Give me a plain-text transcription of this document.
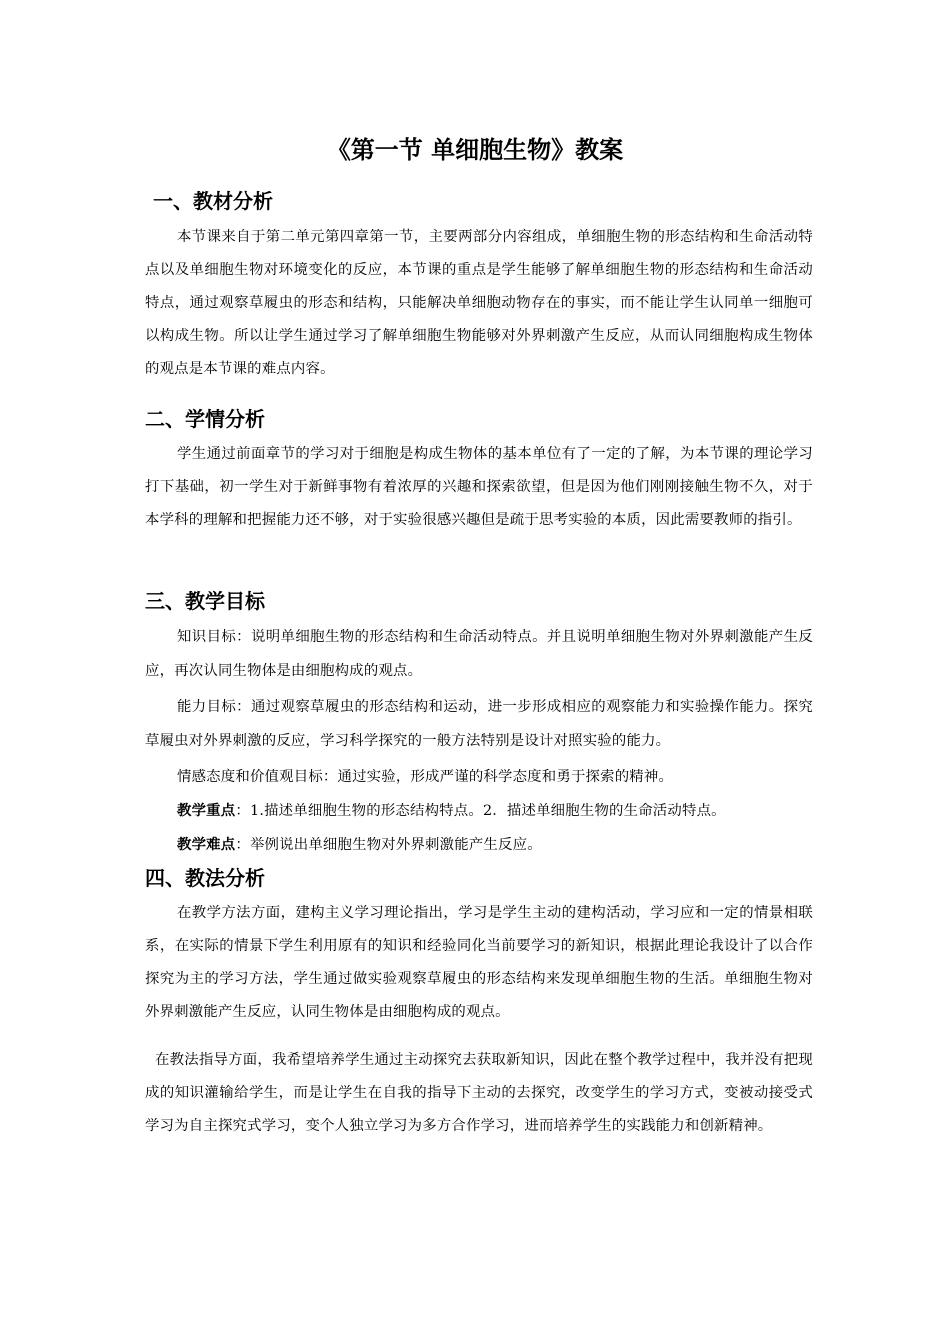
《第一节 单细胞生物》教案
一、教材分析

本节课来自于第二单元第四章第一节，主要两部分内容组成，单细胞生物的形态结构和生命活动特点以及单细胞生物对环境变化的反应，本节课的重点是学生能够了解单细胞生物的形态结构和生命活动特点，通过观察草履虫的形态和结构，只能解决单细胞动物存在的事实，而不能让学生认同单一细胞可以构成生物。所以让学生通过学习了解单细胞生物能够对外界刺激产生反应，从而认同细胞构成生物体的观点是本节课的难点内容。

二、学情分析

学生通过前面章节的学习对于细胞是构成生物体的基本单位有了一定的了解，为本节课的理论学习打下基础，初一学生对于新鲜事物有着浓厚的兴趣和探索欲望，但是因为他们刚刚接触生物不久，对于本学科的理解和把握能力还不够，对于实验很感兴趣但是疏于思考实验的本质，因此需要教师的指引。

三、教学目标

知识目标：说明单细胞生物的形态结构和生命活动特点。并且说明单细胞生物对外界刺激能产生反应，再次认同生物体是由细胞构成的观点。

能力目标：通过观察草履虫的形态结构和运动，进一步形成相应的观察能力和实验操作能力。探究草履虫对外界刺激的反应，学习科学探究的一般方法特别是设计对照实验的能力。

情感态度和价值观目标：通过实验，形成严谨的科学态度和勇于探索的精神。

教学重点：1.描述单细胞生物的形态结构特点。2．描述单细胞生物的生命活动特点。

教学难点：举例说出单细胞生物对外界刺激能产生反应。

四、教法分析

在教学方法方面，建构主义学习理论指出，学习是学生主动的建构活动，学习应和一定的情景相联系，在实际的情景下学生利用原有的知识和经验同化当前要学习的新知识，根据此理论我设计了以合作探究为主的学习方法，学生通过做实验观察草履虫的形态结构来发现单细胞生物的生活。单细胞生物对外界刺激能产生反应，认同生物体是由细胞构成的观点。

在教法指导方面，我希望培养学生通过主动探究去获取新知识，因此在整个教学过程中，我并没有把现成的知识灌输给学生，而是让学生在自我的指导下主动的去探究，改变学生的学习方式，变被动接受式学习为自主探究式学习，变个人独立学习为多方合作学习，进而培养学生的实践能力和创新精神。
